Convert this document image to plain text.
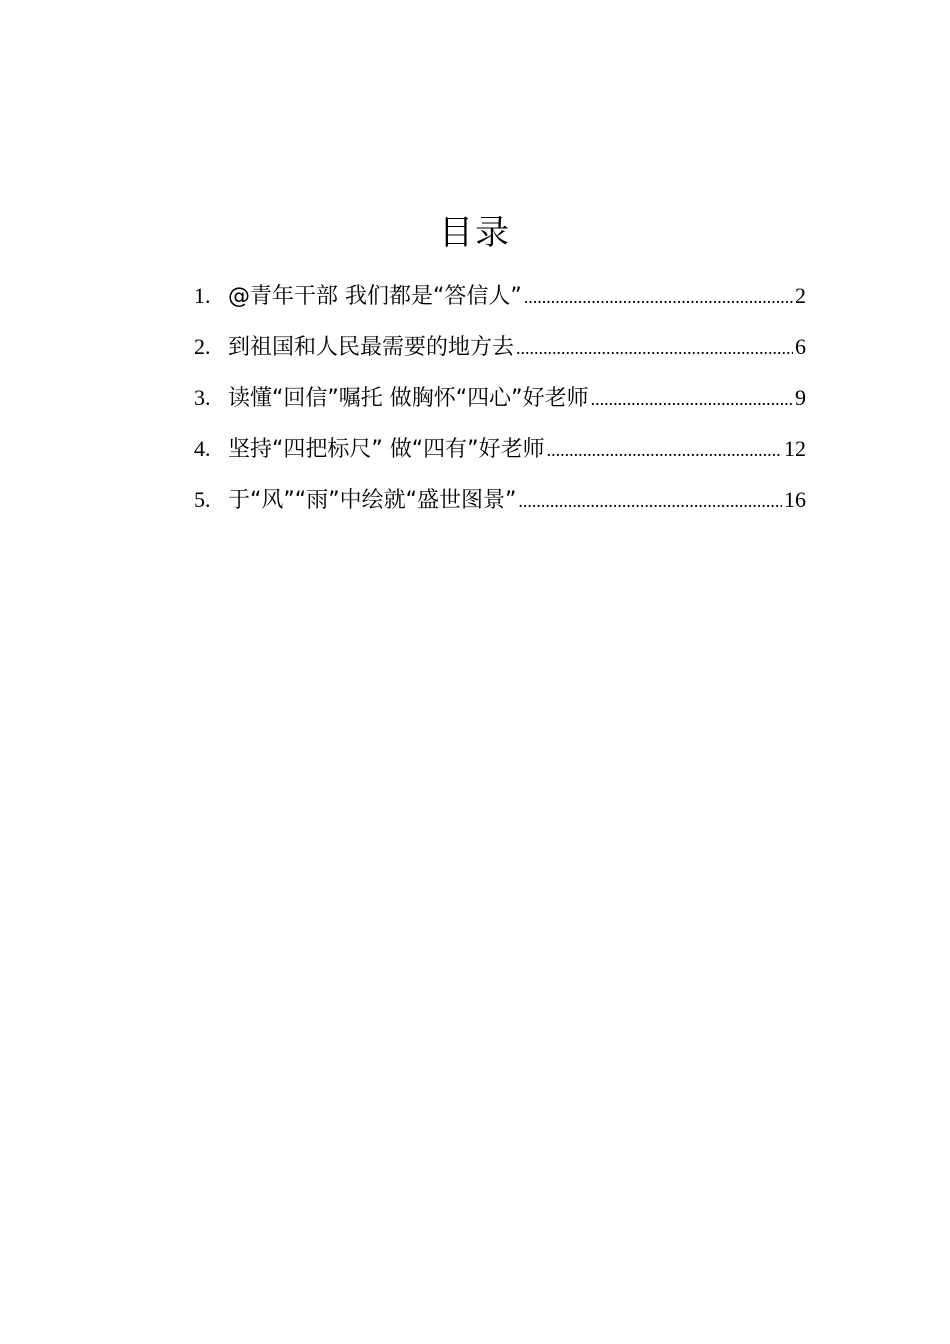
目录
1. @青年干部 我们都是“答信人” .....	2
2. 到祖国和人民最需要的地方去 .....	6
3. 读懂“回信”嘱托 做胸怀“四心”好老师 .....	9
4. 坚持“四把标尺” 做“四有”好老师 .....	12
5. 于“风”“雨”中绘就“盛世图景” .....	16
